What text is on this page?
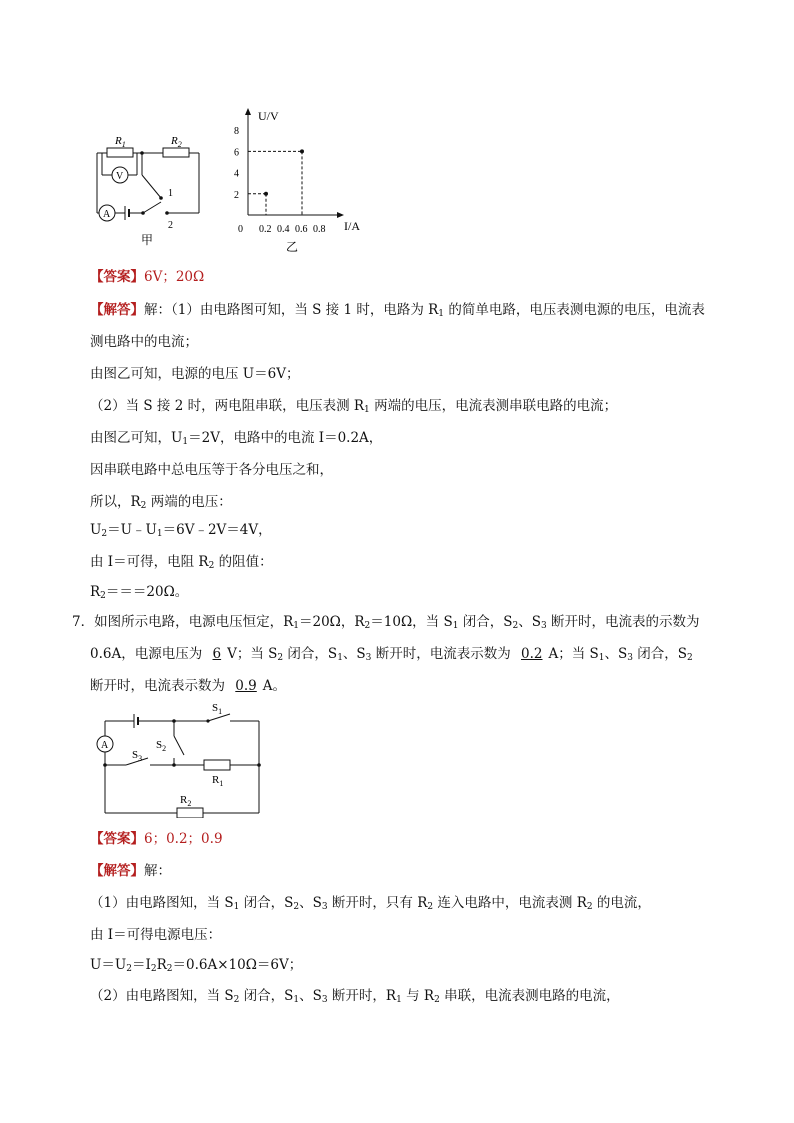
$R_1$	$R_2$
V
A
1
2
甲
U/V
I/A
0
8
6
4
2
0.2 0.4 0.6 0.8
乙
【答案】6V；20Ω
【解答】解：（1）由电路图可知，当 S 接 1 时，电路为 $R_1$ 的简单电路，电压表测电源的电压，电流表
测电路中的电流；
由图乙可知，电源的电压 U＝6V；
（2）当 S 接 2 时，两电阻串联，电压表测 $R_1$ 两端的电压，电流表测串联电路的电流；
由图乙可知，$U_1=2V$，电路中的电流 I＝0.2A，
因串联电路中总电压等于各分电压之和，
所以，$R_2$ 两端的电压：
$U_2=U﹣U_1=6V﹣2V=4V$，
由 I＝可得，电阻 $R_2$ 的阻值：
$R_2===20\Omega$。
7．如图所示电路，电源电压恒定，$R_1=20\Omega$，$R_2=10\Omega$，当 $S_1$ 闭合，$S_2$、$S_3$ 断开时，电流表的示数为
0.6A，电源电压为 6 V；当 $S_2$ 闭合，$S_1$、$S_3$ 断开时，电流表示数为 0.2 A；当 $S_1$、$S_3$ 闭合，$S_2$
断开时，电流表示数为 0.9 A。
A
$S_1$
$S_2$
$S_3$
$R_1$
$R_2$
【答案】6；0.2；0.9
【解答】解：
（1）由电路图知，当 $S_1$ 闭合，$S_2$、$S_3$ 断开时，只有 $R_2$ 连入电路中，电流表测 $R_2$ 的电流，
由 I＝可得电源电压：
$U=U_2=I_2R_2=0.6A\times 10\Omega=6V$；
（2）由电路图知，当 $S_2$ 闭合，$S_1$、$S_3$ 断开时，$R_1$ 与 $R_2$ 串联，电流表测电路的电流，
